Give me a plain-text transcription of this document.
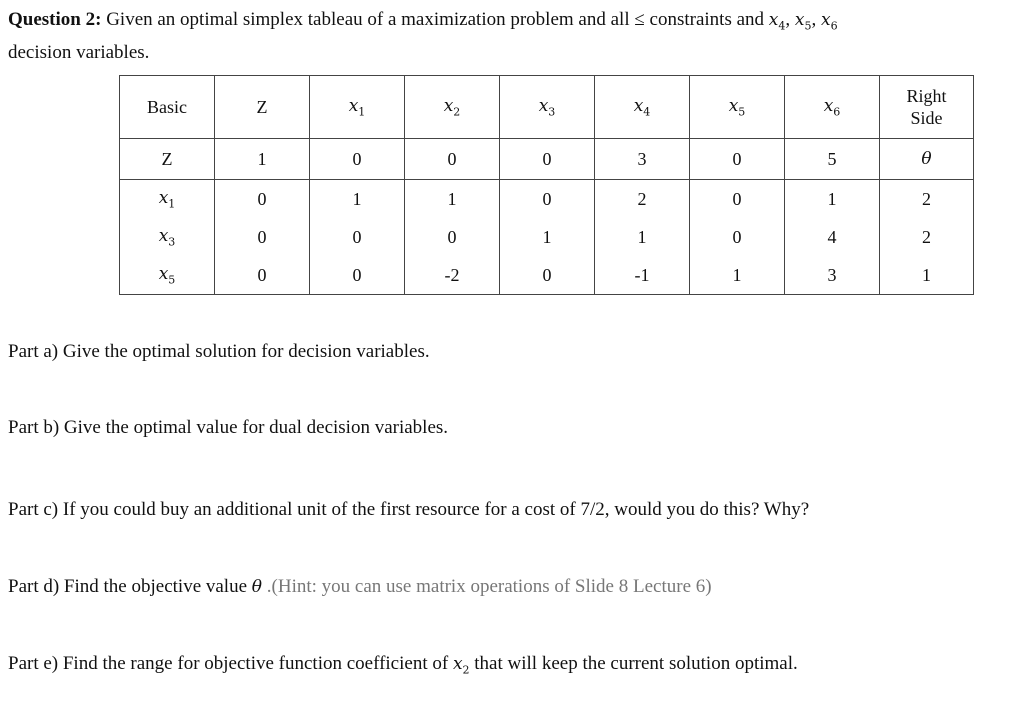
Question 2: Given an optimal simplex tableau of a maximization problem and all ≤ constraints and $x_4$, $x_5$, $x_6$
decision variables.
Basic	Z	$x_1$	$x_2$	$x_3$	$x_4$	$x_5$	$x_6$	Right
Side
Z	1	0	0	0	3	0	5	θ
$x_1$	0	1	1	0	2	0	1	2
$x_3$	0	0	0	1	1	0	4	2
$x_5$	0	0	-2	0	-1	1	3	1
Part a) Give the optimal solution for decision variables.
Part b) Give the optimal value for dual decision variables.
Part c) If you could buy an additional unit of the first resource for a cost of 7/2, would you do this? Why?
Part d) Find the objective value θ .(Hint: you can use matrix operations of Slide 8 Lecture 6)
Part e) Find the range for objective function coefficient of $x_2$ that will keep the current solution optimal.
